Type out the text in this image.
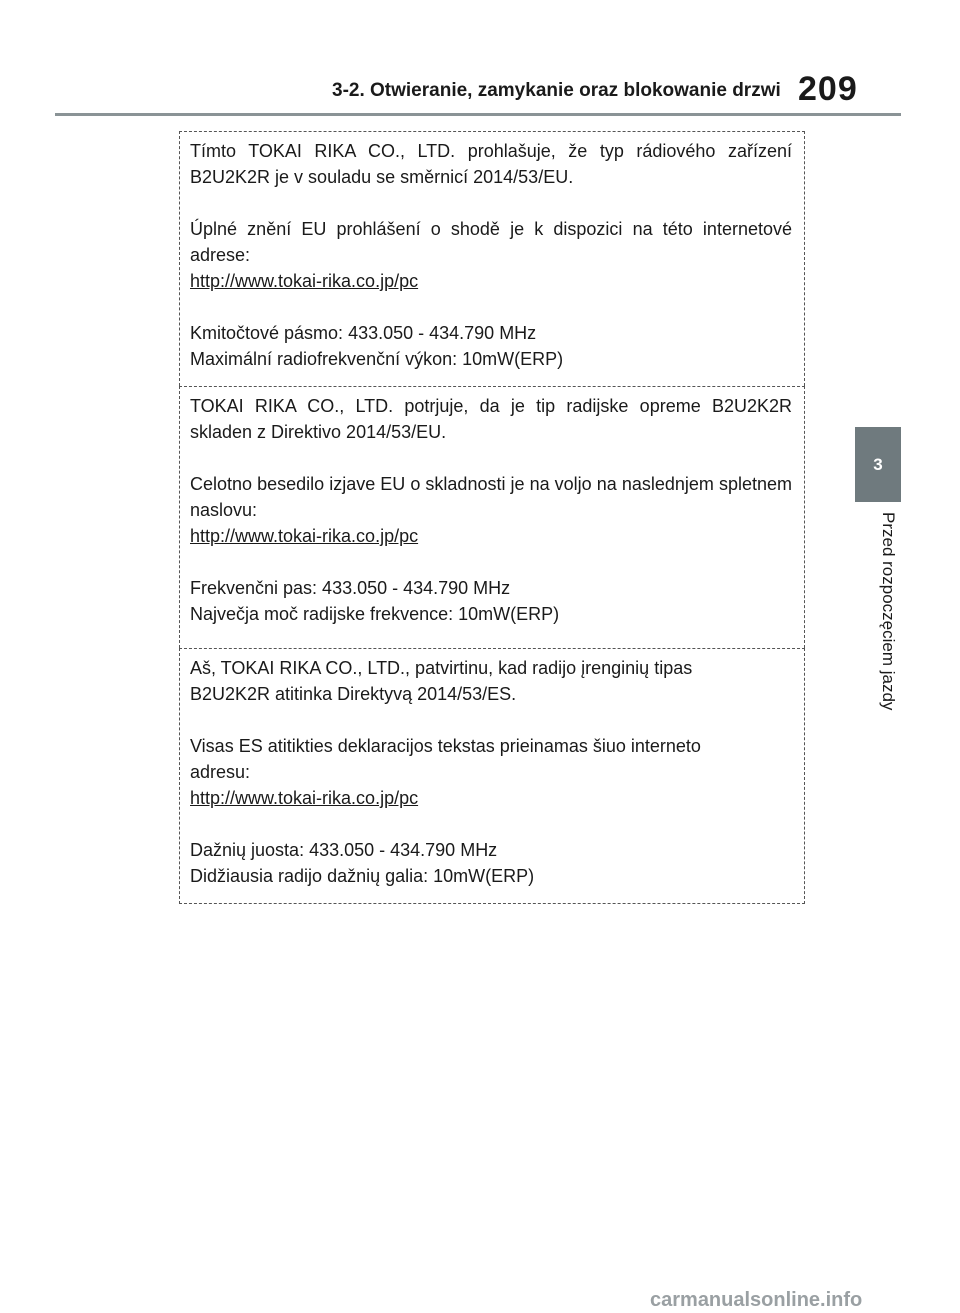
3-2. Otwieranie, zamykanie oraz blokowanie drzwi 209
3
Przed rozpoczęciem jazdy

Tímto TOKAI RIKA CO., LTD. prohlašuje, že typ rádiového zařízení B2U2K2R je v souladu se směrnicí 2014/53/EU.

Úplné znění EU prohlášení o shodě je k dispozici na této internetové adrese:
http://www.tokai-rika.co.jp/pc

Kmitočtové pásmo: 433.050 - 434.790 MHz
Maximální radiofrekvenční výkon: 10mW(ERP)

TOKAI RIKA CO., LTD. potrjuje, da je tip radijske opreme B2U2K2R skladen z Direktivo 2014/53/EU.

Celotno besedilo izjave EU o skladnosti je na voljo na naslednjem spletnem naslovu:
http://www.tokai-rika.co.jp/pc

Frekvenčni pas: 433.050 - 434.790 MHz
Največja moč radijske frekvence: 10mW(ERP)

Aš, TOKAI RIKA CO., LTD., patvirtinu, kad radijo įrenginių tipas
B2U2K2R atitinka Direktyvą 2014/53/ES.

Visas ES atitikties deklaracijos tekstas prieinamas šiuo interneto
adresu:
http://www.tokai-rika.co.jp/pc

Dažnių juosta: 433.050 - 434.790 MHz
Didžiausia radijo dažnių galia: 10mW(ERP)

carmanualsonline.info
